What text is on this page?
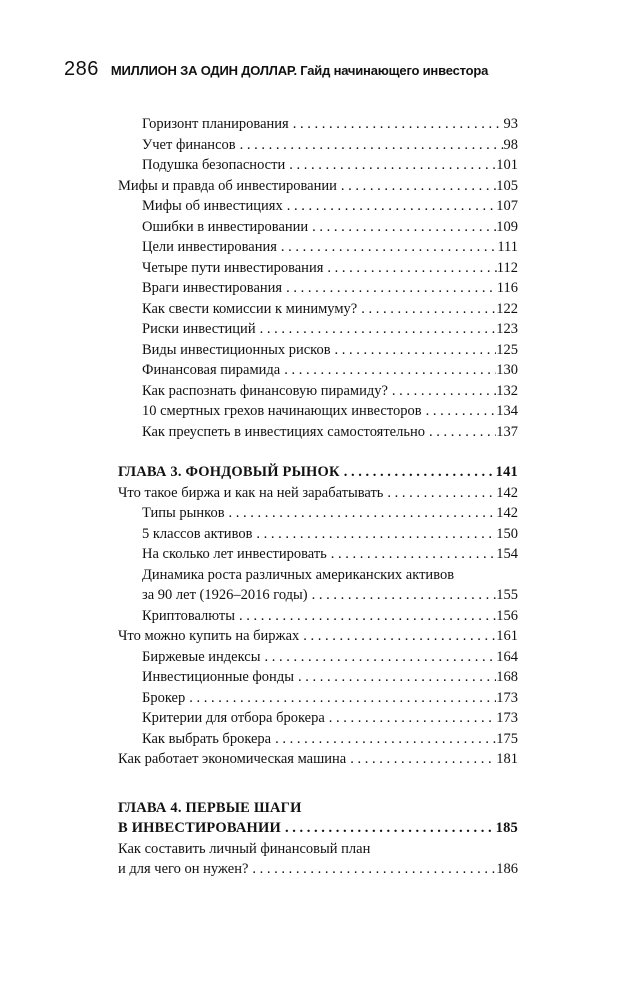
286 МИЛЛИОН ЗА ОДИН ДОЛЛАР. Гайд начинающего инвестора
Горизонт планирования . . .	93
Учет финансов . . .	98
Подушка безопасности . . .	101
Мифы и правда об инвестировании . . .	105
Мифы об инвестициях . . .	107
Ошибки в инвестировании . . .	109
Цели инвестирования . . .	111
Четыре пути инвестирования . . .	112
Враги инвестирования . . .	116
Как свести комиссии к минимуму? . . .	122
Риски инвестиций . . .	123
Виды инвестиционных рисков . . .	125
Финансовая пирамида . . .	130
Как распознать финансовую пирамиду? . . .	132
10 смертных грехов начинающих инвесторов . . .	134
Как преуспеть в инвестициях самостоятельно . . .	137
ГЛАВА 3. ФОНДОВЫЙ РЫНОК . . .	141
Что такое биржа и как на ней зарабатывать . . .	142
Типы рынков . . .	142
5 классов активов . . .	150
На сколько лет инвестировать . . .	154
Динамика роста различных американских активов
за 90 лет (1926–2016 годы) . . .	155
Криптовалюты . . .	156
Что можно купить на биржах . . .	161
Биржевые индексы . . .	164
Инвестиционные фонды . . .	168
Брокер . . .	173
Критерии для отбора брокера . . .	173
Как выбрать брокера . . .	175
Как работает экономическая машина . . .	181
ГЛАВА 4. ПЕРВЫЕ ШАГИ
В ИНВЕСТИРОВАНИИ . . .	185
Как составить личный финансовый план
и для чего он нужен? . . .	186
